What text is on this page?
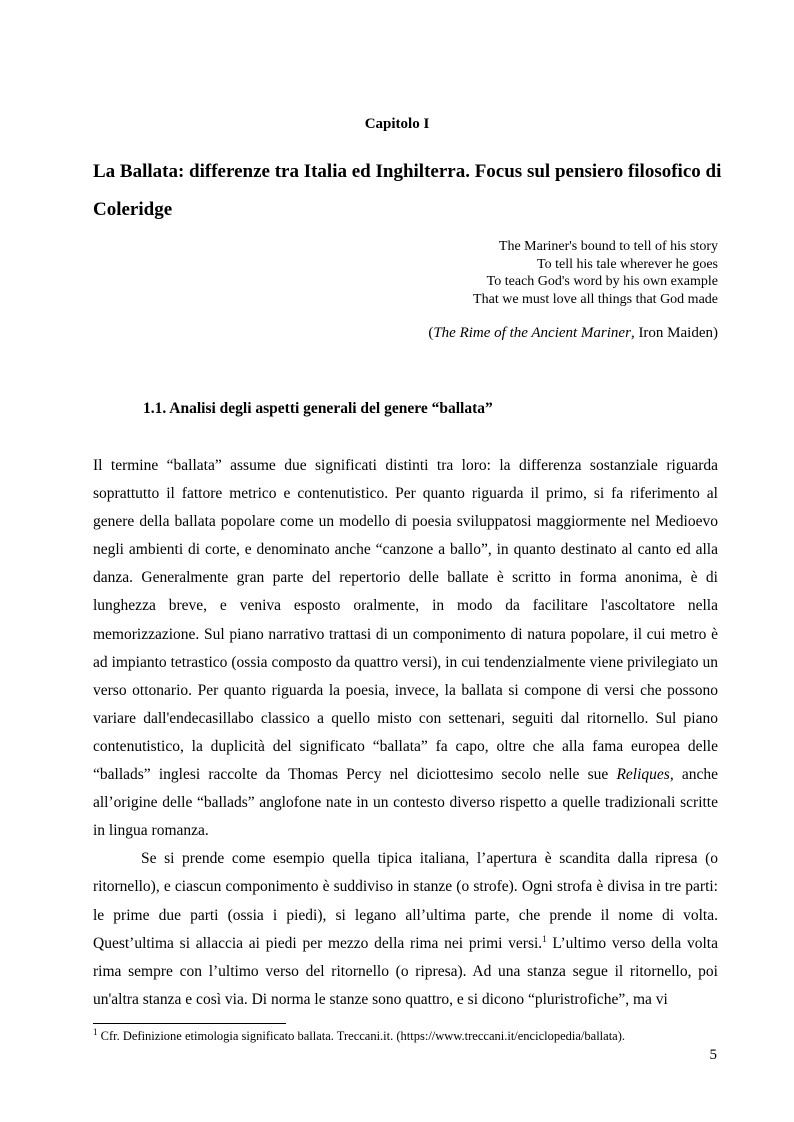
Capitolo I
La Ballata: differenze tra Italia ed Inghilterra. Focus sul pensiero filosofico di Coleridge
The Mariner's bound to tell of his story
To tell his tale wherever he goes
To teach God's word by his own example
That we must love all things that God made
(The Rime of the Ancient Mariner, Iron Maiden)
1.1. Analisi degli aspetti generali del genere “ballata”

Il termine “ballata” assume due significati distinti tra loro: la differenza sostanziale riguarda soprattutto il fattore metrico e contenutistico. Per quanto riguarda il primo, si fa riferimento al genere della ballata popolare come un modello di poesia sviluppatosi maggiormente nel Medioevo negli ambienti di corte, e denominato anche “canzone a ballo”, in quanto destinato al canto ed alla danza. Generalmente gran parte del repertorio delle ballate è scritto in forma anonima, è di lunghezza breve, e veniva esposto oralmente, in modo da facilitare l'ascoltatore nella memorizzazione. Sul piano narrativo trattasi di un componimento di natura popolare, il cui metro è ad impianto tetrastico (ossia composto da quattro versi), in cui tendenzialmente viene privilegiato un verso ottonario. Per quanto riguarda la poesia, invece, la ballata si compone di versi che possono variare dall'endecasillabo classico a quello misto con settenari, seguiti dal ritornello. Sul piano contenutistico, la duplicità del significato “ballata” fa capo, oltre che alla fama europea delle “ballads” inglesi raccolte da Thomas Percy nel diciottesimo secolo nelle sue Reliques, anche all’origine delle “ballads” anglofone nate in un contesto diverso rispetto a quelle tradizionali scritte in lingua romanza.

Se si prende come esempio quella tipica italiana, l’apertura è scandita dalla ripresa (o ritornello), e ciascun componimento è suddiviso in stanze (o strofe). Ogni strofa è divisa in tre parti: le prime due parti (ossia i piedi), si legano all’ultima parte, che prende il nome di volta. Quest’ultima si allaccia ai piedi per mezzo della rima nei primi versi.$^1$ L’ultimo verso della volta rima sempre con l’ultimo verso del ritornello (o ripresa). Ad una stanza segue il ritornello, poi un'altra stanza e così via. Di norma le stanze sono quattro, e si dicono “pluristrofiche”, ma vi

$^1$ Cfr. Definizione etimologia significato ballata. Treccani.it. (https://www.treccani.it/enciclopedia/ballata).
5
